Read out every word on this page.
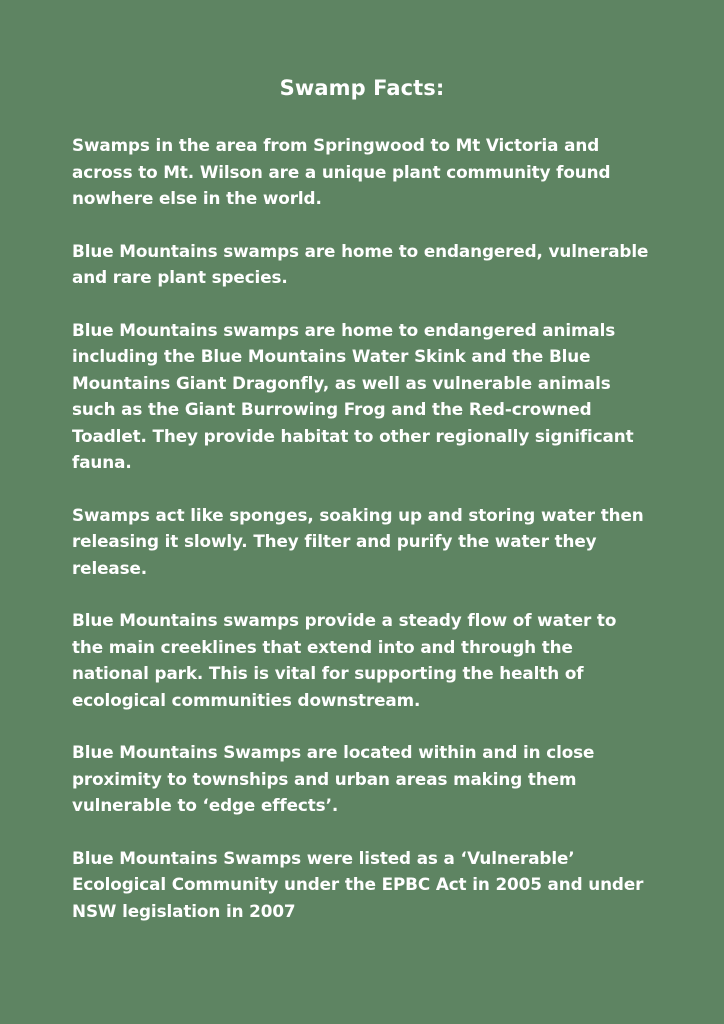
Swamp Facts:

Swamps in the area from Springwood to Mt Victoria and across to Mt. Wilson are a unique plant community found nowhere else in the world.

Blue Mountains swamps are home to endangered, vulnerable and rare plant species.

Blue Mountains swamps are home to endangered animals including the Blue Mountains Water Skink and the Blue Mountains Giant Dragonfly, as well as vulnerable animals such as the Giant Burrowing Frog and the Red-crowned Toadlet. They provide habitat to other regionally significant fauna.

Swamps act like sponges, soaking up and storing water then releasing it slowly. They filter and purify the water they release.

Blue Mountains swamps provide a steady flow of water to the main creeklines that extend into and through the national park. This is vital for supporting the health of ecological communities downstream.

Blue Mountains Swamps are located within and in close proximity to townships and urban areas making them vulnerable to ‘edge effects’.

Blue Mountains Swamps were listed as a ‘Vulnerable’ Ecological Community under the EPBC Act in 2005 and under NSW legislation in 2007
